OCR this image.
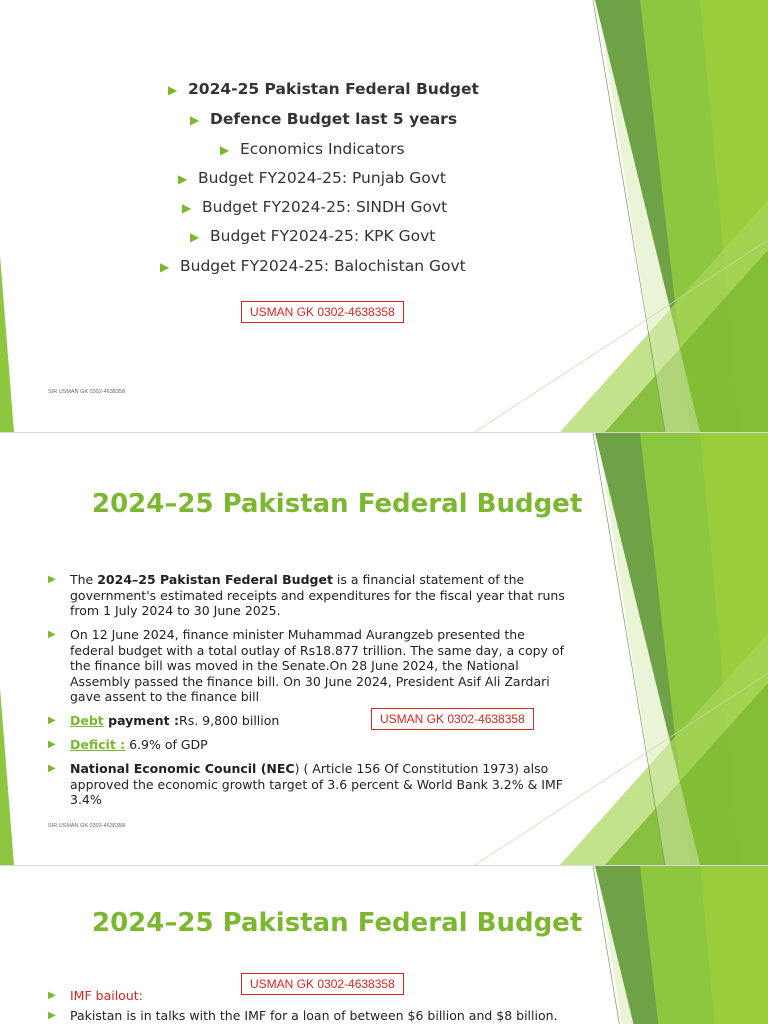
▶ 2024-25 Pakistan Federal Budget
▶ Defence Budget last 5 years
▶ Economics Indicators
▶ Budget FY2024-25: Punjab Govt
▶ Budget FY2024-25: SINDH Govt
▶ Budget FY2024-25: KPK Govt
▶ Budget FY2024-25: Balochistan Govt
USMAN GK 0302-4638358
SIR USMAN GK 0302-4638358
2024–25 Pakistan Federal Budget
▶	The 2024–25 Pakistan Federal Budget is a financial statement of the government's estimated receipts and expenditures for the fiscal year that runs from 1 July 2024 to 30 June 2025.
▶	On 12 June 2024, finance minister Muhammad Aurangzeb presented the federal budget with a total outlay of Rs18.877 trillion. The same day, a copy of the finance bill was moved in the Senate.On 28 June 2024, the National Assembly passed the finance bill. On 30 June 2024, President Asif Ali Zardari gave assent to the finance bill
▶	Debt payment :Rs. 9,800 billion	USMAN GK 0302-4638358
▶	Deficit : 6.9% of GDP
▶	National Economic Council (NEC) ( Article 156 Of Constitution 1973) also approved the economic growth target of 3.6 percent & World Bank 3.2% & IMF 3.4%
SIR USMAN GK 0302-4638358
2024–25 Pakistan Federal Budget
USMAN GK 0302-4638358
▶	IMF bailout:
▶	Pakistan is in talks with the IMF for a loan of between $6 billion and $8 billion.
